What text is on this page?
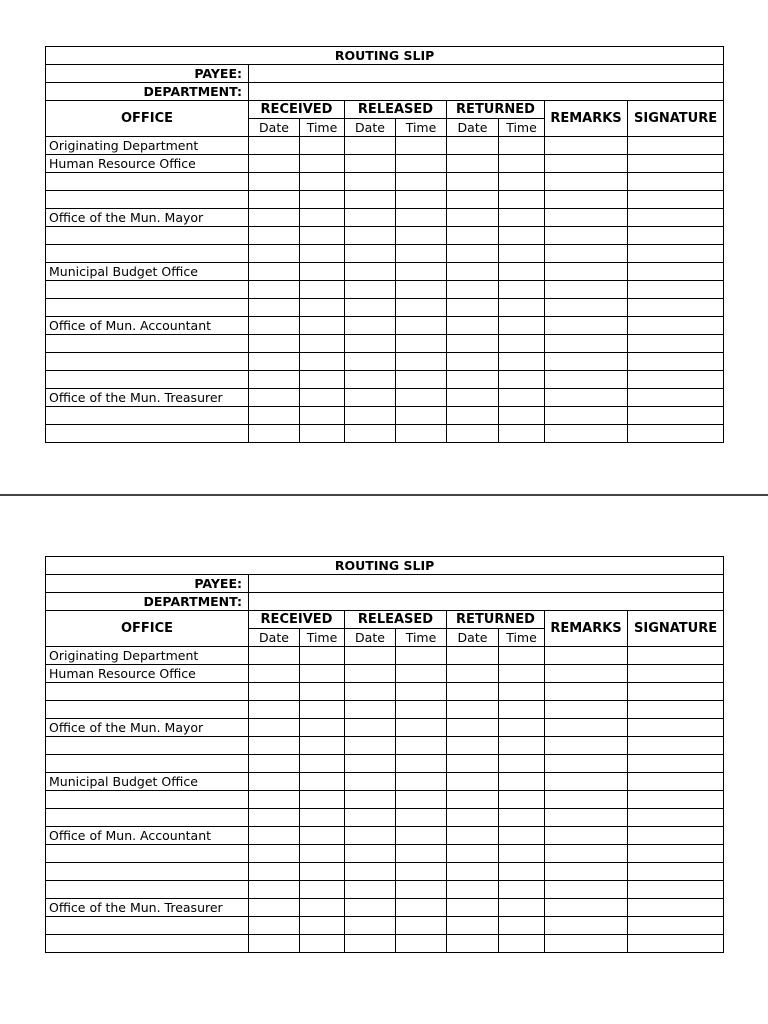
ROUTING SLIP								
PAYEE:								
DEPARTMENT:								
OFFICE	RECEIVED		RELEASED		RETURNED		REMARKS	SIGNATURE
	Date	Time	Date	Time	Date	Time		
Originating Department								
Human Resource Office								

Office of the Mun. Mayor								

Municipal Budget Office								

Office of Mun. Accountant								

Office of the Mun. Treasurer								

ROUTING SLIP								
PAYEE:								
DEPARTMENT:								
OFFICE	RECEIVED		RELEASED		RETURNED		REMARKS	SIGNATURE
	Date	Time	Date	Time	Date	Time		
Originating Department								
Human Resource Office								

Office of the Mun. Mayor								

Municipal Budget Office								

Office of Mun. Accountant								

Office of the Mun. Treasurer								
